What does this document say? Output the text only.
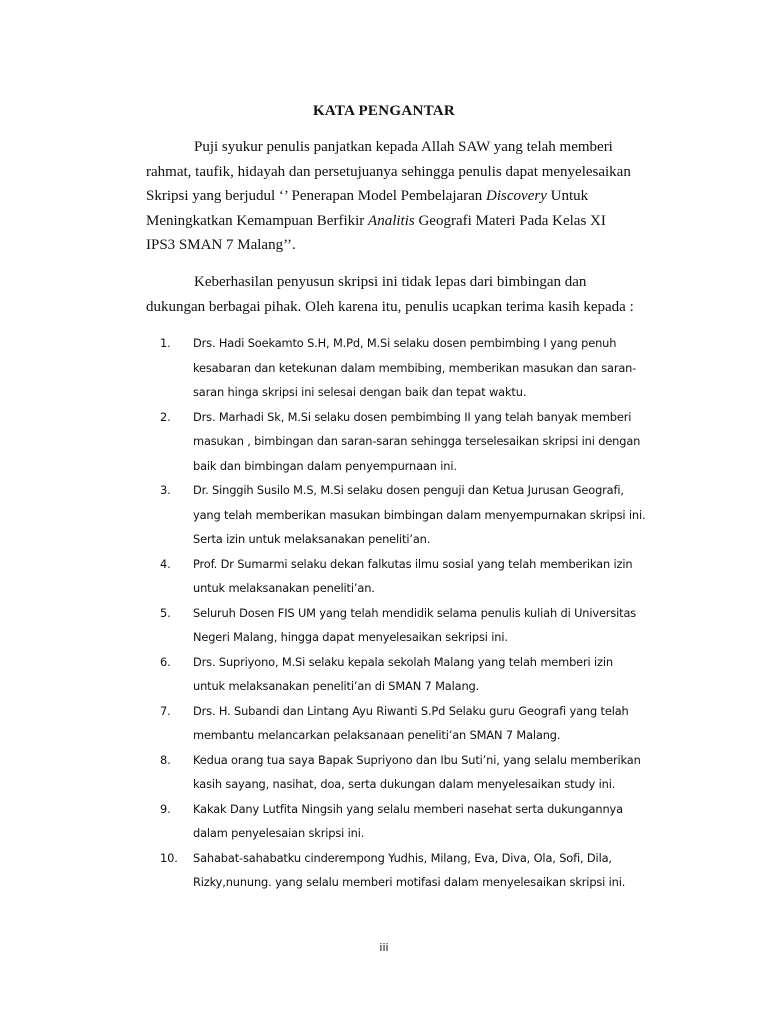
KATA PENGANTAR
Puji syukur penulis panjatkan kepada Allah SAW yang telah memberi
rahmat, taufik, hidayah dan persetujuanya sehingga penulis dapat menyelesaikan
Skripsi yang berjudul ‘’ Penerapan Model Pembelajaran Discovery Untuk
Meningkatkan Kemampuan Berfikir Analitis Geografi Materi Pada Kelas XI
IPS3 SMAN 7 Malang’’.
Keberhasilan penyusun skripsi ini tidak lepas dari bimbingan dan
dukungan berbagai pihak. Oleh karena itu, penulis ucapkan terima kasih kepada :
1.	Drs. Hadi Soekamto S.H, M.Pd, M.Si selaku dosen pembimbing I yang penuh
kesabaran dan ketekunan dalam membibing, memberikan masukan dan saran-
saran hinga skripsi ini selesai dengan baik dan tepat waktu.
2.	Drs. Marhadi Sk, M.Si selaku dosen pembimbing II yang telah banyak memberi
masukan , bimbingan dan saran-saran sehingga terselesaikan skripsi ini dengan
baik dan bimbingan dalam penyempurnaan ini.
3.	Dr. Singgih Susilo M.S, M.Si selaku dosen penguji dan Ketua Jurusan Geografi,
yang telah memberikan masukan bimbingan dalam menyempurnakan skripsi ini.
Serta izin untuk melaksanakan peneliti’an.
4.	Prof. Dr Sumarmi selaku dekan falkutas ilmu sosial yang telah memberikan izin
untuk melaksanakan peneliti’an.
5.	Seluruh Dosen FIS UM yang telah mendidik selama penulis kuliah di Universitas
Negeri Malang, hingga dapat menyelesaikan sekripsi ini.
6.	Drs. Supriyono, M.Si selaku kepala sekolah Malang yang telah memberi izin
untuk melaksanakan peneliti’an di SMAN 7 Malang.
7.	Drs. H. Subandi dan Lintang Ayu Riwanti S.Pd Selaku guru Geografi yang telah
membantu melancarkan pelaksanaan peneliti’an SMAN 7 Malang.
8.	Kedua orang tua saya Bapak Supriyono dan Ibu Suti’ni, yang selalu memberikan
kasih sayang, nasihat, doa, serta dukungan dalam menyelesaikan study ini.
9.	Kakak Dany Lutfita Ningsih yang selalu memberi nasehat serta dukungannya
dalam penyelesaian skripsi ini.
10.	Sahabat-sahabatku cinderempong Yudhis, Milang, Eva, Diva, Ola, Sofi, Dila,
Rizky,nunung. yang selalu memberi motifasi dalam menyelesaikan skripsi ini.
iii
